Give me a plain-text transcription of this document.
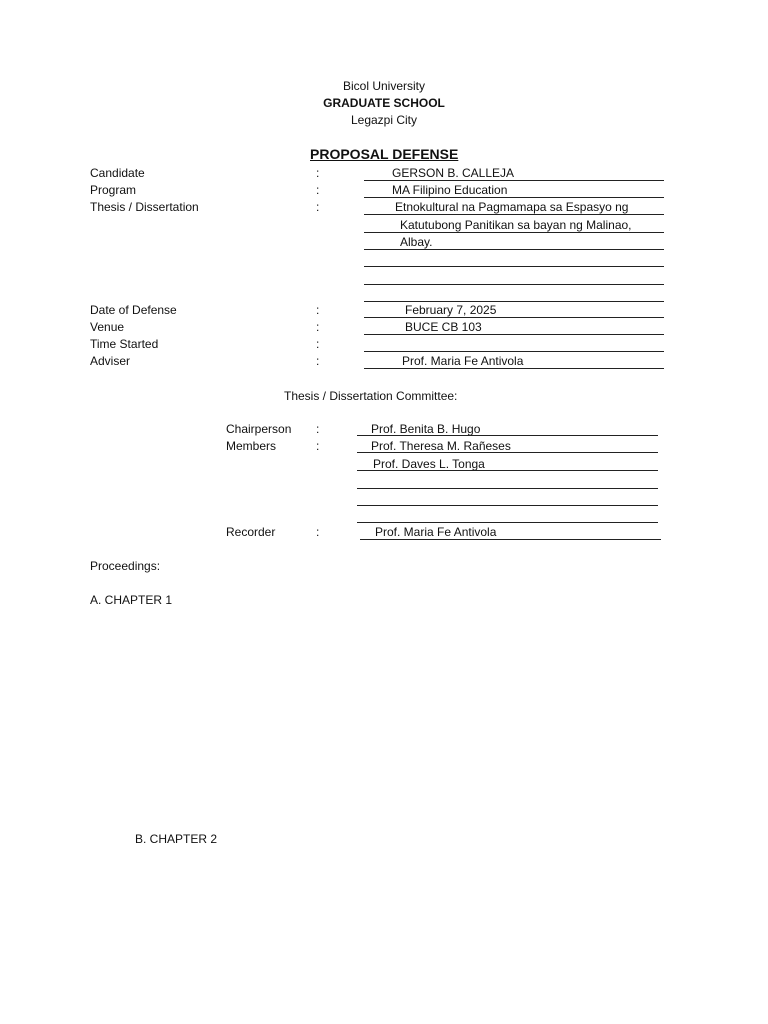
Bicol University
GRADUATE SCHOOL
Legazpi City
PROPOSAL DEFENSE
Candidate	:	GERSON B. CALLEJA
Program	:	MA Filipino Education
Thesis / Dissertation	:	Etnokultural na Pagmamapa sa Espasyo ng
Katutubong Panitikan sa bayan ng Malinao,
Albay.
Date of Defense	:	February 7, 2025
Venue	:	BUCE CB 103
Time Started	:
Adviser	:	Prof. Maria Fe Antivola
Thesis / Dissertation Committee:
Chairperson :	Prof. Benita B. Hugo
Members	:	Prof. Theresa M. Rañeses
Prof. Daves L. Tonga
Recorder	:	Prof. Maria Fe Antivola
Proceedings:
A. CHAPTER 1
B. CHAPTER 2
